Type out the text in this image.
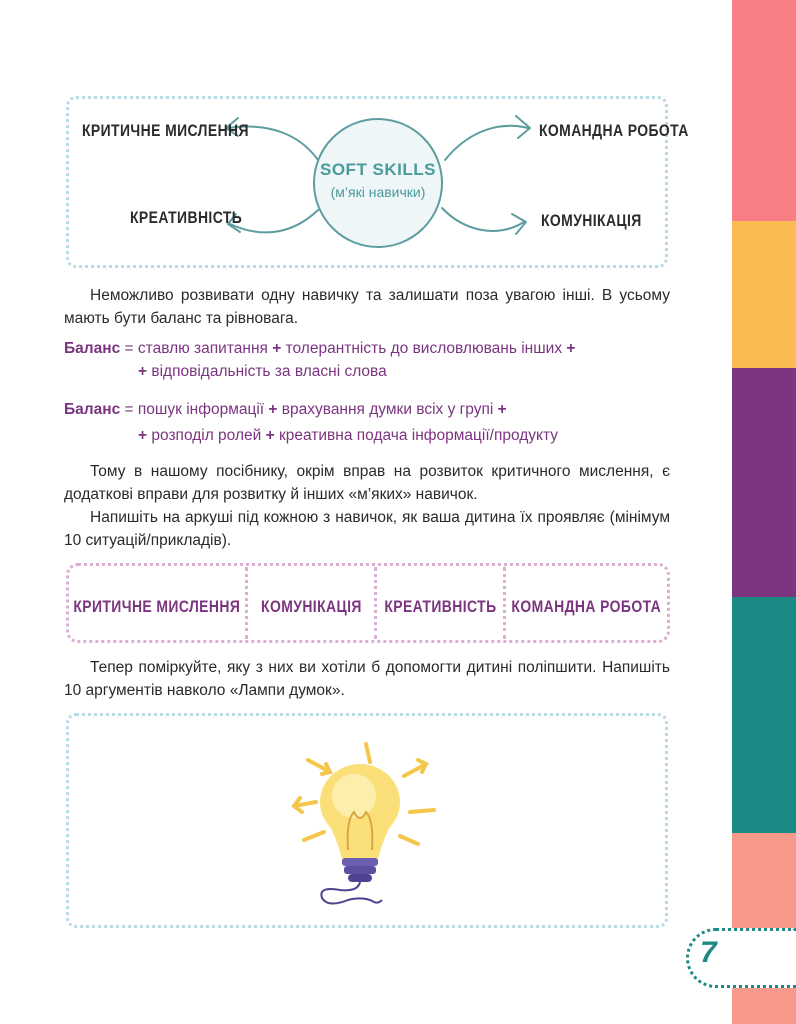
SOFT SKILLS
(м’які навички)
КРИТИЧНЕ МИСЛЕННЯ
КРЕАТИВНІСТЬ
КОМАНДНА РОБОТА
КОМУНІКАЦІЯ
Неможливо розвивати одну навичку та залишати поза увагою інші. В усьому мають бути баланс та рівновага.
Баланс = ставлю запитання + толерантність до висловлювань інших +
+ відповідальність за власні слова
Баланс = пошук інформації + врахування думки всіх у групі +
+ розподіл ролей + креативна подача інформації/продукту
Тому в нашому посібнику, окрім вправ на розвиток критичного мислення, є додаткові вправи для розвитку й інших «м’яких» навичок.
Напишіть на аркуші під кожною з навичок, як ваша дитина їх проявляє (мінімум 10 ситуацій/прикладів).
КРИТИЧНЕ МИСЛЕННЯ КОМУНІКАЦІЯ КРЕАТИВНІСТЬ КОМАНДНА РОБОТА
Тепер поміркуйте, яку з них ви хотіли б допомогти дитині поліпшити. Напишіть 10 аргументів навколо «Лампи думок».
7
